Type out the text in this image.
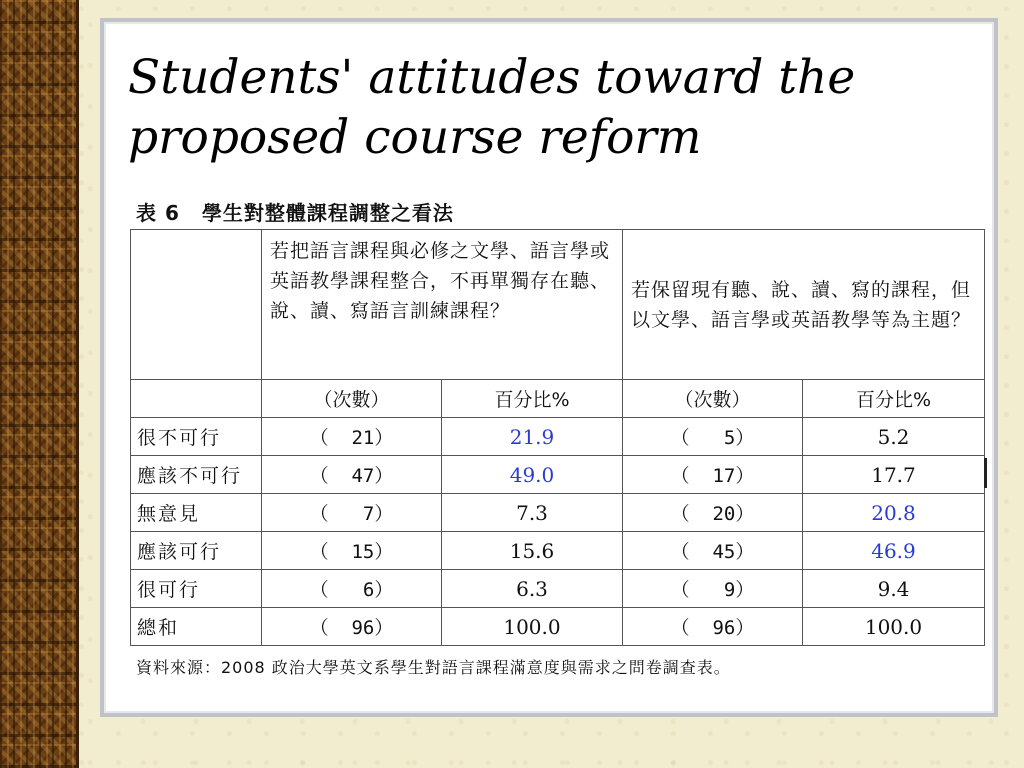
Students' attitudes toward the proposed course reform
表 6 學生對整體課程調整之看法
	若把語言課程與必修之文學、語言學或英語教學課程整合，不再單獨存在聽、說、讀、寫語言訓練課程？		若保留現有聽、說、讀、寫的課程，但以文學、語言學或英語教學等為主題？	
	（次數）	百分比%	（次數）	百分比%
很不可行	（  21）	21.9	（   5）	5.2
應該不可行	（  47）	49.0	（  17）	17.7
無意見	（   7）	7.3	（  20）	20.8
應該可行	（  15）	15.6	（  45）	46.9
很可行	（   6）	6.3	（   9）	9.4
總和	（  96）	100.0	（  96）	100.0
資料來源：2008 政治大學英文系學生對語言課程滿意度與需求之問卷調查表。
